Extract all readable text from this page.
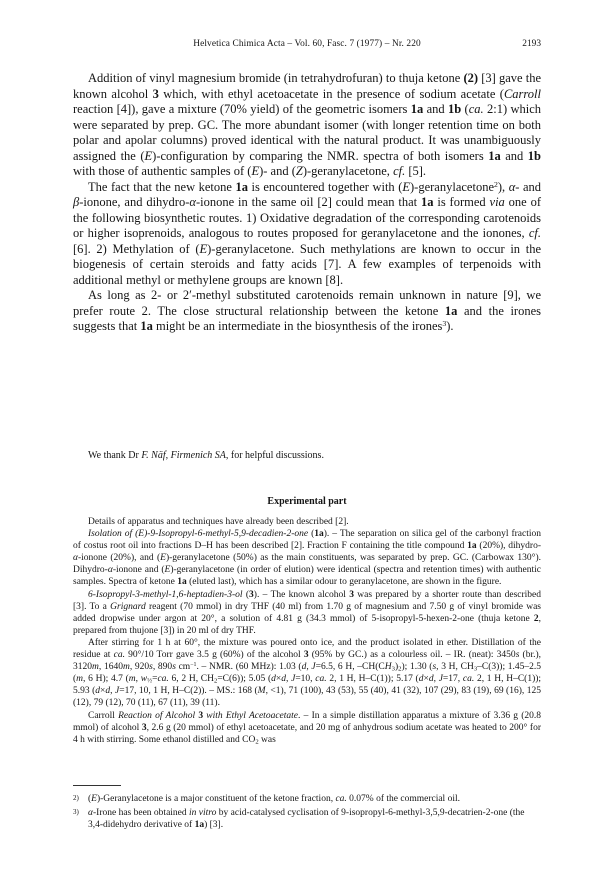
Helvetica Chimica Acta – Vol. 60, Fasc. 7 (1977) – Nr. 220	2193

Addition of vinyl magnesium bromide (in tetrahydrofuran) to thuja ketone (2) [3] gave the known alcohol 3 which, with ethyl acetoacetate in the presence of sodium acetate (Carroll reaction [4]), gave a mixture (70% yield) of the geometric isomers 1a and 1b (ca. 2:1) which were separated by prep. GC. The more abundant isomer (with longer retention time on both polar and apolar columns) proved identical with the natural product. It was unambiguously assigned the (E)-configuration by comparing the NMR. spectra of both isomers 1a and 1b with those of authentic samples of (E)- and (Z)-geranylacetone, cf. [5].

The fact that the new ketone 1a is encountered together with (E)-geranylacetone$^2$), α- and β-ionone, and dihydro-α-ionone in the same oil [2] could mean that 1a is formed via one of the following biosynthetic routes. 1) Oxidative degradation of the corresponding carotenoids or higher isoprenoids, analogous to routes proposed for geranylacetone and the ionones, cf. [6]. 2) Methylation of (E)-geranylacetone. Such methylations are known to occur in the biogenesis of certain steroids and fatty acids [7]. A few examples of terpenoids with additional methyl or methylene groups are known [8].

As long as 2- or 2′-methyl substituted carotenoids remain unknown in nature [9], we prefer route 2. The close structural relationship between the ketone 1a and the irones suggests that 1a might be an intermediate in the biosynthesis of the irones$^3$).

We thank Dr F. Näf, Firmenich SA, for helpful discussions.
Experimental part

Details of apparatus and techniques have already been described [2].

Isolation of (E)-9-Isopropyl-6-methyl-5,9-decadien-2-one (1a). – The separation on silica gel of the carbonyl fraction of costus root oil into fractions D–H has been described [2]. Fraction F containing the title compound 1a (20%), dihydro-α-ionone (20%), and (E)-geranylacetone (50%) as the main constituents, was separated by prep. GC. (Carbowax 130°). Dihydro-α-ionone and (E)-geranylacetone (in order of elution) were identical (spectra and retention times) with authentic samples. Spectra of ketone 1a (eluted last), which has a similar odour to geranylacetone, are shown in the figure.

6-Isopropyl-3-methyl-1,6-heptadien-3-ol (3). – The known alcohol 3 was prepared by a shorter route than described [3]. To a Grignard reagent (70 mmol) in dry THF (40 ml) from 1.70 g of magnesium and 7.50 g of vinyl bromide was added dropwise under argon at 20°, a solution of 4.81 g (34.3 mmol) of 5-isopropyl-5-hexen-2-one (thuja ketone 2, prepared from thujone [3]) in 20 ml of dry THF.

After stirring for 1 h at 60°, the mixture was poured onto ice, and the product isolated in ether. Distillation of the residue at ca. 90°/10 Torr gave 3.5 g (60%) of the alcohol 3 (95% by GC.) as a colourless oil. – IR. (neat): 3450s (br.), 3120m, 1640m, 920s, 890s $cm^{-1}$. – NMR. (60 MHz): 1.03 (d, J=6.5, 6 H, $-CH(CH_3)_2$); 1.30 (s, 3 H, $CH_3-C(3)$); 1.45–2.5 (m, 6 H); 4.7 (m, $w_{\frac{1}{2}}=ca$. 6, 2 H, $CH_2=C(6)$); 5.05 (d×d, J=10, ca. 2, 1 H, H–C(1)); 5.17 (d×d, J=17, ca. 2, 1 H, H–C(1)); 5.93 (d×d, J=17, 10, 1 H, H–C(2)). – MS.: 168 (M, <1), 71 (100), 43 (53), 55 (40), 41 (32), 107 (29), 83 (19), 69 (16), 125 (12), 79 (12), 70 (11), 67 (11), 39 (11).

Carroll Reaction of Alcohol 3 with Ethyl Acetoacetate. – In a simple distillation apparatus a mixture of 3.36 g (20.8 mmol) of alcohol 3, 2.6 g (20 mmol) of ethyl acetoacetate, and 20 mg of anhydrous sodium acetate was heated to 200° for 4 h with stirring. Some ethanol distilled and $CO_2$ was

2) (E)-Geranylacetone is a major constituent of the ketone fraction, ca. 0.07% of the commercial oil.
3) α-Irone has been obtained in vitro by acid-catalysed cyclisation of 9-isopropyl-6-methyl-3,5,9-decatrien-2-one (the 3,4-didehydro derivative of 1a) [3].
